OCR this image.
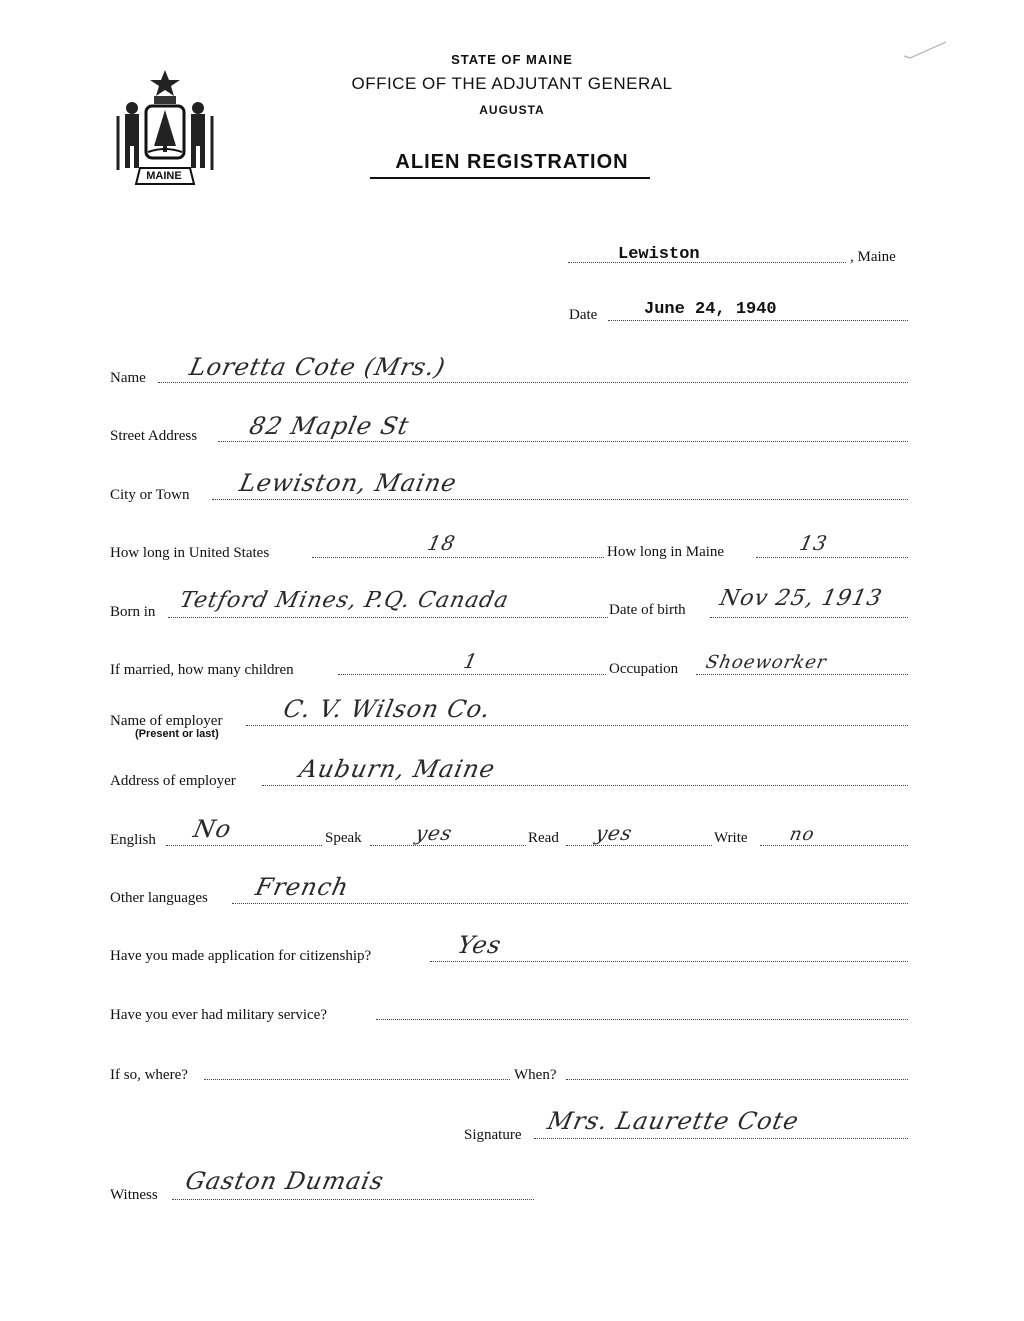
MAINE
STATE OF MAINE
OFFICE OF THE ADJUTANT GENERAL
AUGUSTA
ALIEN REGISTRATION
Lewiston	, Maine
Date	June 24, 1940
Name Loretta Cote (Mrs.)
Street Address 82 Maple St
City or Town Lewiston, Maine
How long in United States	18	How long in Maine	13
Born in Tetford Mines, P.Q. Canada	Date of birth Nov 25, 1913
If married, how many children	1	Occupation Shoeworker
Name of employer
(Present or last)
C. V. Wilson Co.
Address of employer	Auburn, Maine
English No	Speak	yes	Read yes	Write no
Other languages French
Have you made application for citizenship?	Yes
Have you ever had military service?
If so, where?	When?
Signature Mrs. Laurette Cote
Witness Gaston Dumais
